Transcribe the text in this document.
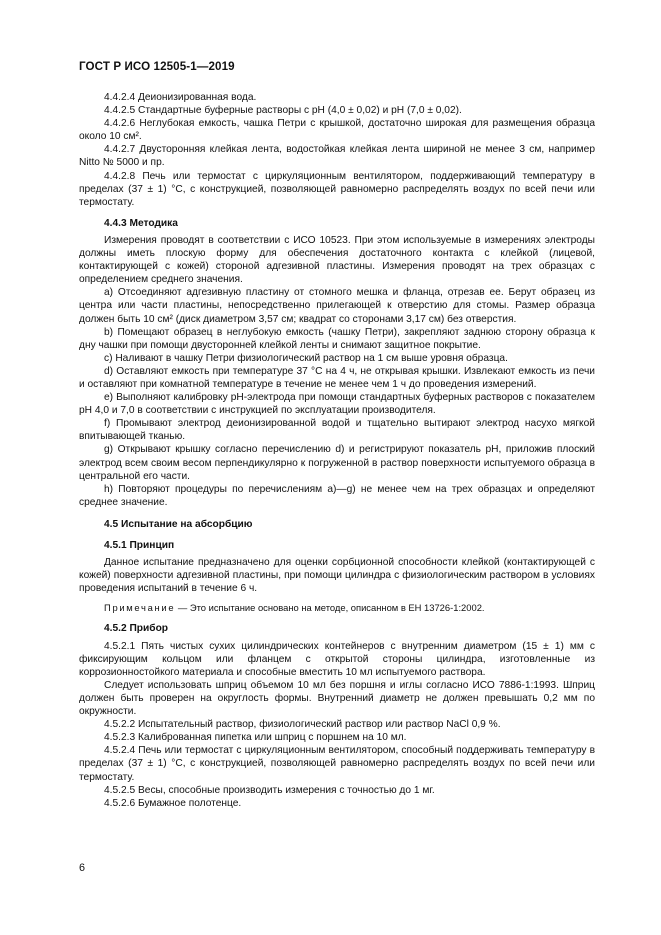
ГОСТ Р ИСО 12505-1—2019

4.4.2.4 Деионизированная вода.

4.4.2.5 Стандартные буферные растворы с рН (4,0 ± 0,02) и рН (7,0 ± 0,02).

4.4.2.6 Неглубокая емкость, чашка Петри с крышкой, достаточно широкая для размещения образца около 10 см².

4.4.2.7 Двусторонняя клейкая лента, водостойкая клейкая лента шириной не менее 3 см, например Nitto № 5000 и пр.

4.4.2.8 Печь или термостат с циркуляционным вентилятором, поддерживающий температуру в пределах (37 ± 1) °С, с конструкцией, позволяющей равномерно распределять воздух по всей печи или термостату.

4.4.3 Методика

Измерения проводят в соответствии с ИСО 10523. При этом используемые в измерениях электроды должны иметь плоскую форму для обеспечения достаточного контакта с клейкой (лицевой, контактирующей с кожей) стороной адгезивной пластины. Измерения проводят на трех образцах с определением среднего значения.

а) Отсоединяют адгезивную пластину от стомного мешка и фланца, отрезав ее. Берут образец из центра или части пластины, непосредственно прилегающей к отверстию для стомы. Размер образца должен быть 10 см² (диск диаметром 3,57 см; квадрат со сторонами 3,17 см) без отверстия.

b) Помещают образец в неглубокую емкость (чашку Петри), закрепляют заднюю сторону образца к дну чашки при помощи двусторонней клейкой ленты и снимают защитное покрытие.

с) Наливают в чашку Петри физиологический раствор на 1 см выше уровня образца.

d) Оставляют емкость при температуре 37 °С на 4 ч, не открывая крышки. Извлекают емкость из печи и оставляют при комнатной температуре в течение не менее чем 1 ч до проведения измерений.

е) Выполняют калибровку рН-электрода при помощи стандартных буферных растворов с показателем рН 4,0 и 7,0 в соответствии с инструкцией по эксплуатации производителя.

f) Промывают электрод деионизированной водой и тщательно вытирают электрод насухо мягкой впитывающей тканью.

g) Открывают крышку согласно перечислению d) и регистрируют показатель рН, приложив плоский электрод всем своим весом перпендикулярно к погруженной в раствор поверхности испытуемого образца в центральной его части.

h) Повторяют процедуры по перечислениям а)—g) не менее чем на трех образцах и определяют среднее значение.

4.5 Испытание на абсорбцию
4.5.1 Принцип

Данное испытание предназначено для оценки сорбционной способности клейкой (контактирующей с кожей) поверхности адгезивной пластины, при помощи цилиндра с физиологическим раствором в условиях проведения испытаний в течение 6 ч.

Примечание — Это испытание основано на методе, описанном в ЕН 13726-1:2002.

4.5.2 Прибор

4.5.2.1 Пять чистых сухих цилиндрических контейнеров с внутренним диаметром (15 ± 1) мм с фиксирующим кольцом или фланцем с открытой стороны цилиндра, изготовленные из коррозионностойкого материала и способные вместить 10 мл испытуемого раствора.

Следует использовать шприц объемом 10 мл без поршня и иглы согласно ИСО 7886-1:1993. Шприц должен быть проверен на округлость формы. Внутренний диаметр не должен превышать 0,2 мм по окружности.

4.5.2.2 Испытательный раствор, физиологический раствор или раствор NaCl 0,9 %.

4.5.2.3 Калиброванная пипетка или шприц с поршнем на 10 мл.

4.5.2.4 Печь или термостат с циркуляционным вентилятором, способный поддерживать температуру в пределах (37 ± 1) °С, с конструкцией, позволяющей равномерно распределять воздух по всей печи или термостату.

4.5.2.5 Весы, способные производить измерения с точностью до 1 мг.

4.5.2.6 Бумажное полотенце.

6
